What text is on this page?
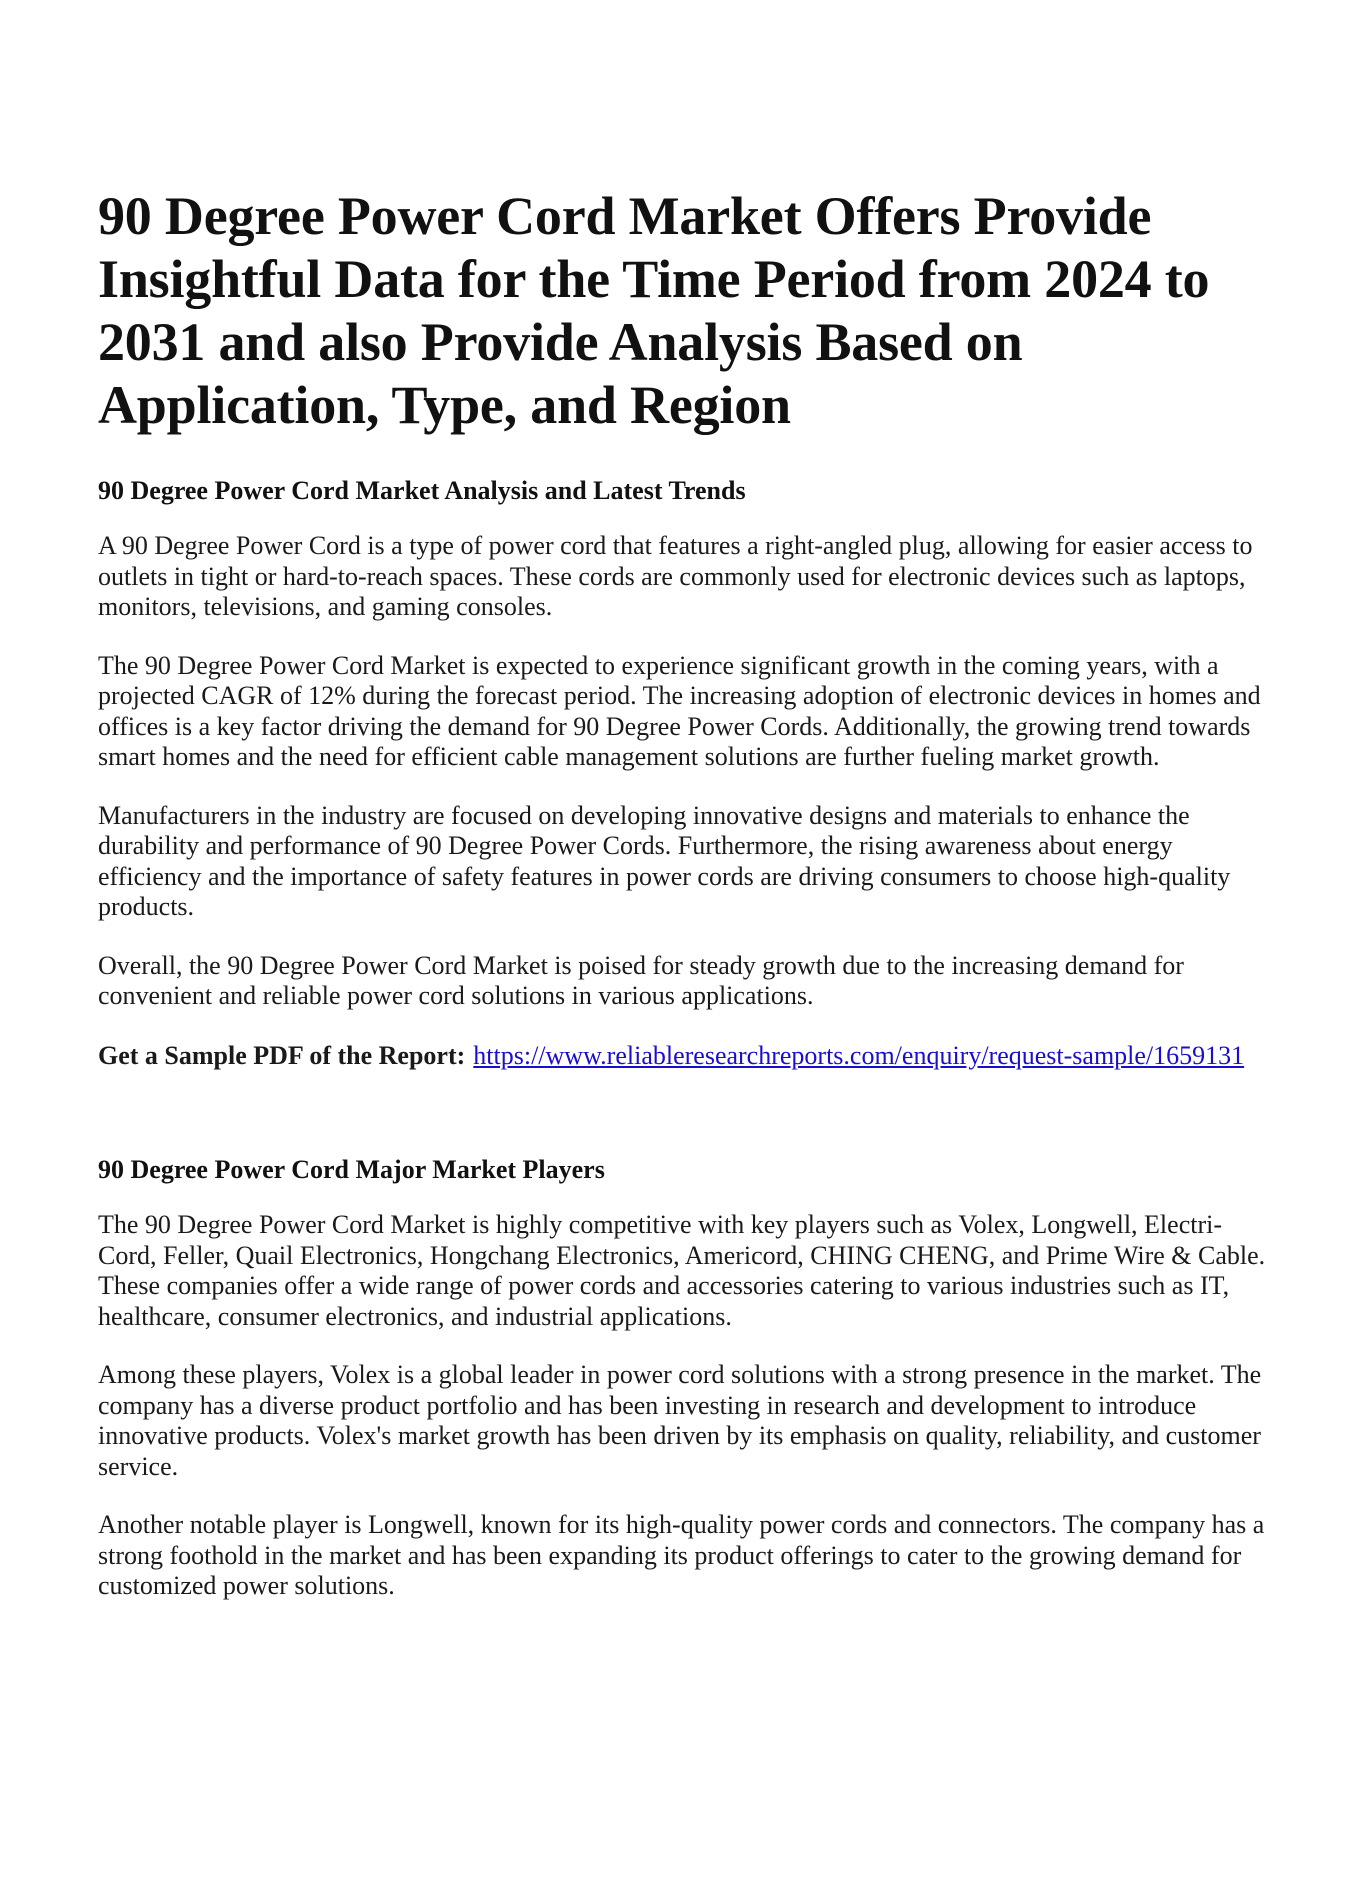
90 Degree Power Cord Market Offers Provide Insightful Data for the Time Period from 2024 to 2031 and also Provide Analysis Based on Application, Type, and Region
90 Degree Power Cord Market Analysis and Latest Trends

A 90 Degree Power Cord is a type of power cord that features a right-angled plug, allowing for easier access to outlets in tight or hard-to-reach spaces. These cords are commonly used for electronic devices such as laptops, monitors, televisions, and gaming consoles.

The 90 Degree Power Cord Market is expected to experience significant growth in the coming years, with a projected CAGR of 12% during the forecast period. The increasing adoption of electronic devices in homes and offices is a key factor driving the demand for 90 Degree Power Cords. Additionally, the growing trend towards smart homes and the need for efficient cable management solutions are further fueling market growth.

Manufacturers in the industry are focused on developing innovative designs and materials to enhance the durability and performance of 90 Degree Power Cords. Furthermore, the rising awareness about energy efficiency and the importance of safety features in power cords are driving consumers to choose high-quality products.

Overall, the 90 Degree Power Cord Market is poised for steady growth due to the increasing demand for convenient and reliable power cord solutions in various applications.

Get a Sample PDF of the Report: https://www.reliableresearchreports.com/enquiry/request-sample/1659131

90 Degree Power Cord Major Market Players

The 90 Degree Power Cord Market is highly competitive with key players such as Volex, Longwell, Electri-Cord, Feller, Quail Electronics, Hongchang Electronics, Americord, CHING CHENG, and Prime Wire & Cable. These companies offer a wide range of power cords and accessories catering to various industries such as IT, healthcare, consumer electronics, and industrial applications.

Among these players, Volex is a global leader in power cord solutions with a strong presence in the market. The company has a diverse product portfolio and has been investing in research and development to introduce innovative products. Volex's market growth has been driven by its emphasis on quality, reliability, and customer service.

Another notable player is Longwell, known for its high-quality power cords and connectors. The company has a strong foothold in the market and has been expanding its product offerings to cater to the growing demand for customized power solutions.
